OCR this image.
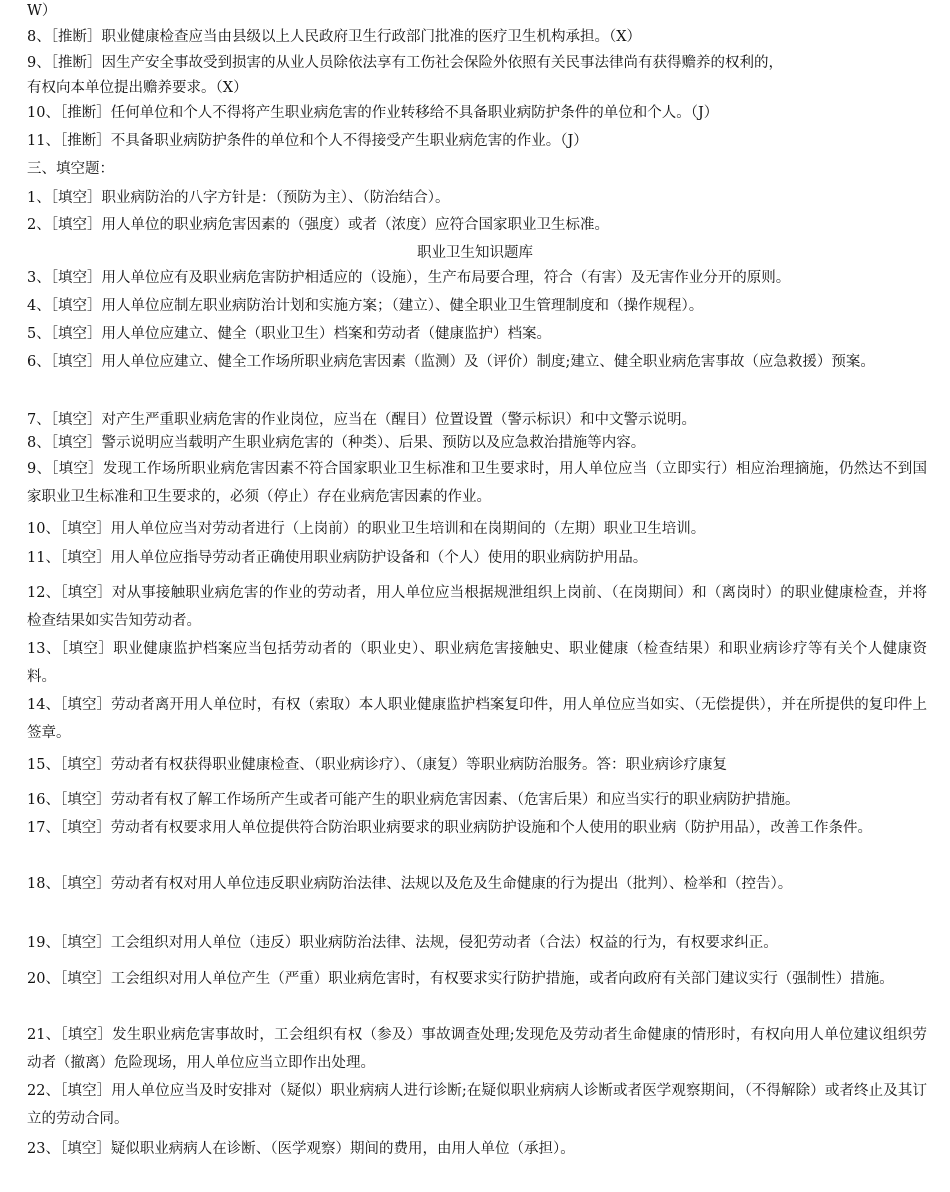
W）
8、［推断］职业健康检查应当由县级以上人民政府卫生行政部门批准的医疗卫生机构承担。（X）
9、［推断］因生产安全事故受到损害的从业人员除依法享有工伤社会保险外依照有关民事法律尚有获得赡养的权利的，
有权向本单位提出赡养要求。（X）
10、［推断］任何单位和个人不得将产生职业病危害的作业转移给不具备职业病防护条件的单位和个人。（J）
11、［推断］不具备职业病防护条件的单位和个人不得接受产生职业病危害的作业。（J）
三、填空题：
1、［填空］职业病防治的八字方针是：（预防为主）、（防治结合）。
2、［填空］用人单位的职业病危害因素的（强度）或者（浓度）应符合国家职业卫生标准。
职业卫生知识题库
3、［填空］用人单位应有及职业病危害防护相适应的（设施），生产布局要合理，符合（有害）及无害作业分开的原则。
4、［填空］用人单位应制左职业病防治计划和实施方案；（建立）、健全职业卫生管理制度和（操作规程）。
5、［填空］用人单位应建立、健全（职业卫生）档案和劳动者（健康监护）档案。
6、［填空］用人单位应建立、健全工作场所职业病危害因素（监测）及（评价）制度;建立、健全职业病危害事故（应急救援）预案。
7、［填空］对产生严重职业病危害的作业岗位，应当在（醒目）位置设置（警示标识）和中文警示说明。
8、［填空］警示说明应当载明产生职业病危害的（种类）、后果、预防以及应急救治措施等内容。
9、［填空］发现工作场所职业病危害因素不符合国家职业卫生标准和卫生要求时，用人单位应当（立即实行）相应治理摘施，仍然达不到国家职业卫生标准和卫生要求的，必须（停止）存在业病危害因素的作业。
10、［填空］用人单位应当对劳动者进行（上岗前）的职业卫生培训和在岗期间的（左期）职业卫生培训。
11、［填空］用人单位应指导劳动者正确使用职业病防护设备和（个人）使用的职业病防护用品。
12、［填空］对从事接触职业病危害的作业的劳动者，用人单位应当根据规泄组织上岗前、（在岗期间）和（离岗时）的职业健康检查，并将检查结果如实告知劳动者。
13、［填空］职业健康监护档案应当包括劳动者的（职业史）、职业病危害接触史、职业健康（检查结果）和职业病诊疗等有关个人健康资料。
14、［填空］劳动者离开用人单位时，有权（索取）本人职业健康监护档案复印件，用人单位应当如实、（无偿提供），并在所提供的复印件上签章。
15、［填空］劳动者有权获得职业健康检查、（职业病诊疗）、（康复）等职业病防治服务。答：职业病诊疗康复
16、［填空］劳动者有权了解工作场所产生或者可能产生的职业病危害因素、（危害后果）和应当实行的职业病防护措施。
17、［填空］劳动者有权要求用人单位提供符合防治职业病要求的职业病防护设施和个人使用的职业病（防护用品），改善工作条件。
18、［填空］劳动者有权对用人单位违反职业病防治法律、法规以及危及生命健康的行为提出（批判）、检举和（控告）。
19、［填空］工会组织对用人单位（违反）职业病防治法律、法规，侵犯劳动者（合法）权益的行为，有权要求纠正。
20、［填空］工会组织对用人单位产生（严重）职业病危害时，有权要求实行防护措施，或者向政府有关部门建议实行（强制性）措施。
21、［填空］发生职业病危害事故时，工会组织有权（参及）事故调查处理;发现危及劳动者生命健康的情形时，有权向用人单位建议组织劳动者（撤离）危险现场，用人单位应当立即作出处理。
22、［填空］用人单位应当及时安排对（疑似）职业病病人进行诊断;在疑似职业病病人诊断或者医学观察期间，（不得解除）或者终止及其订立的劳动合同。
23、［填空］疑似职业病病人在诊断、（医学观察）期间的费用，由用人单位（承担）。
